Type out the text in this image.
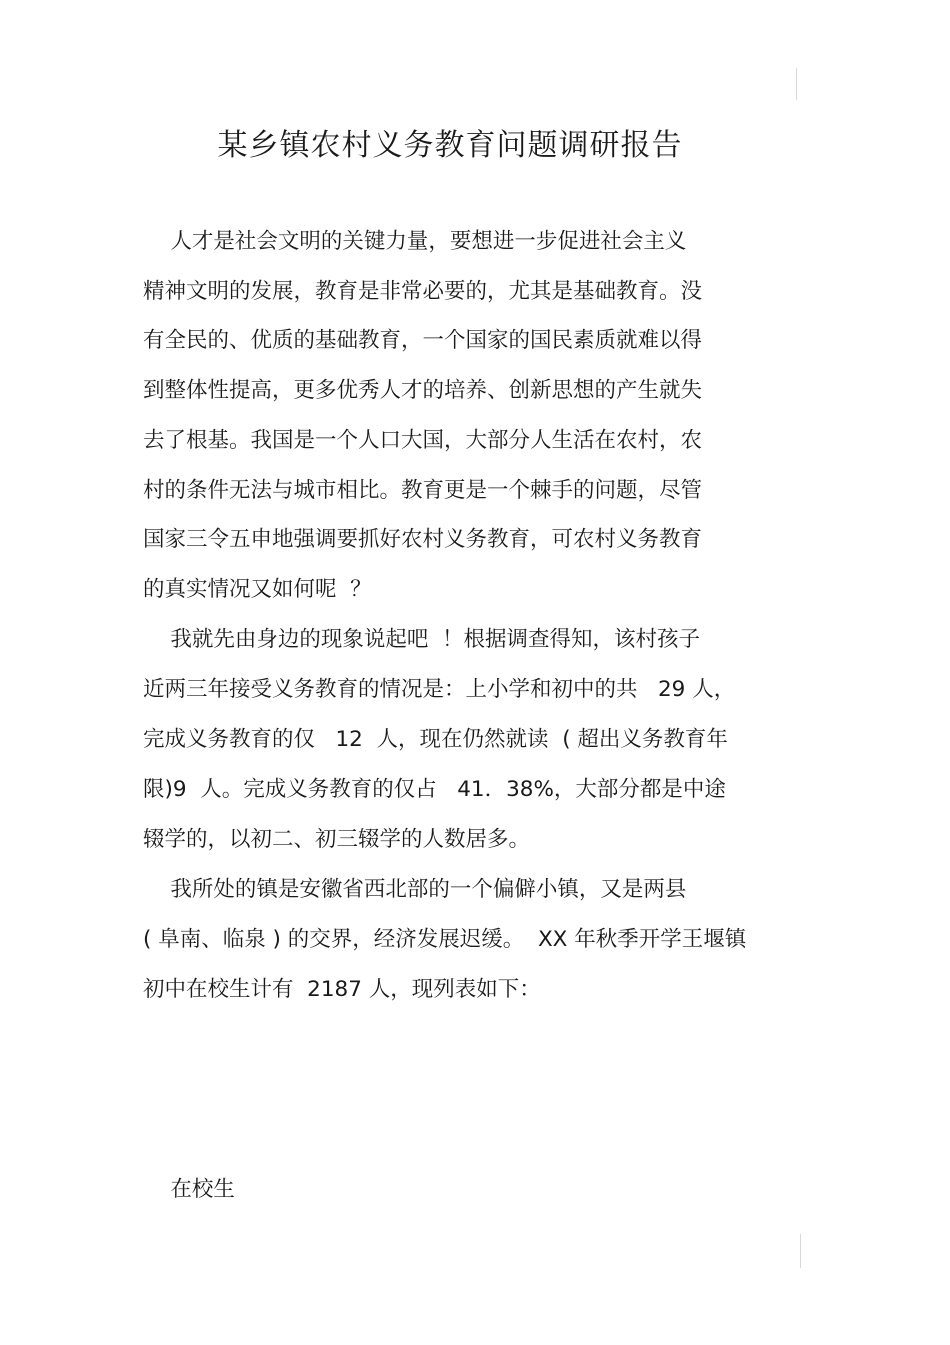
某乡镇农村义务教育问题调研报告
人才是社会文明的关键力量，要想进一步促进社会主义
精神文明的发展，教育是非常必要的，尤其是基础教育。没
有全民的、优质的基础教育，一个国家的国民素质就难以得
到整体性提高，更多优秀人才的培养、创新思想的产生就失
去了根基。我国是一个人口大国，大部分人生活在农村，农
村的条件无法与城市相比。教育更是一个棘手的问题，尽管
国家三令五申地强调要抓好农村义务教育，可农村义务教育
的真实情况又如何呢  ？
我就先由身边的现象说起吧  ！根据调查得知，该村孩子
近两三年接受义务教育的情况是：上小学和初中的共   29 人，
完成义务教育的仅   12  人，现在仍然就读  ( 超出义务教育年
限)9  人。完成义务教育的仅占   41．38%，大部分都是中途
辍学的，以初二、初三辍学的人数居多。
我所处的镇是安徽省西北部的一个偏僻小镇，又是两县
( 阜南、临泉 ) 的交界，经济发展迟缓。  XX 年秋季开学王堰镇
初中在校生计有  2187 人，现列表如下：
在校生
